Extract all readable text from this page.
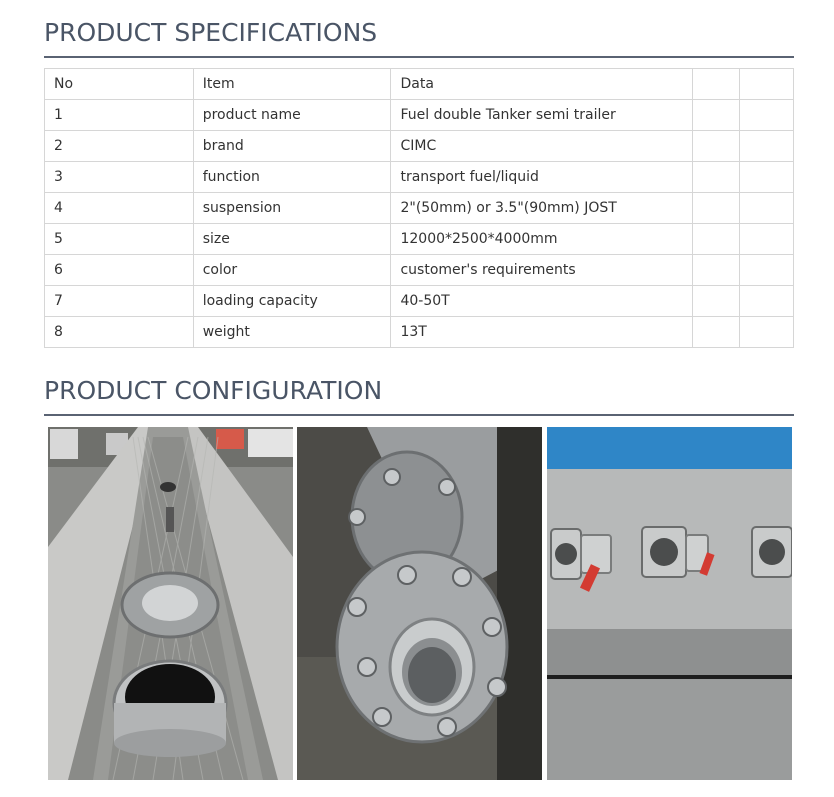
PRODUCT SPECIFICATIONS
No	Item	Data		
1	product name	Fuel double Tanker semi trailer		
2	brand	CIMC		
3	function	transport fuel/liquid		
4	suspension	2"(50mm) or 3.5"(90mm) JOST		
5	size	12000*2500*4000mm		
6	color	customer's requirements		
7	loading capacity	40-50T		
8	weight	13T		
PRODUCT CONFIGURATION
